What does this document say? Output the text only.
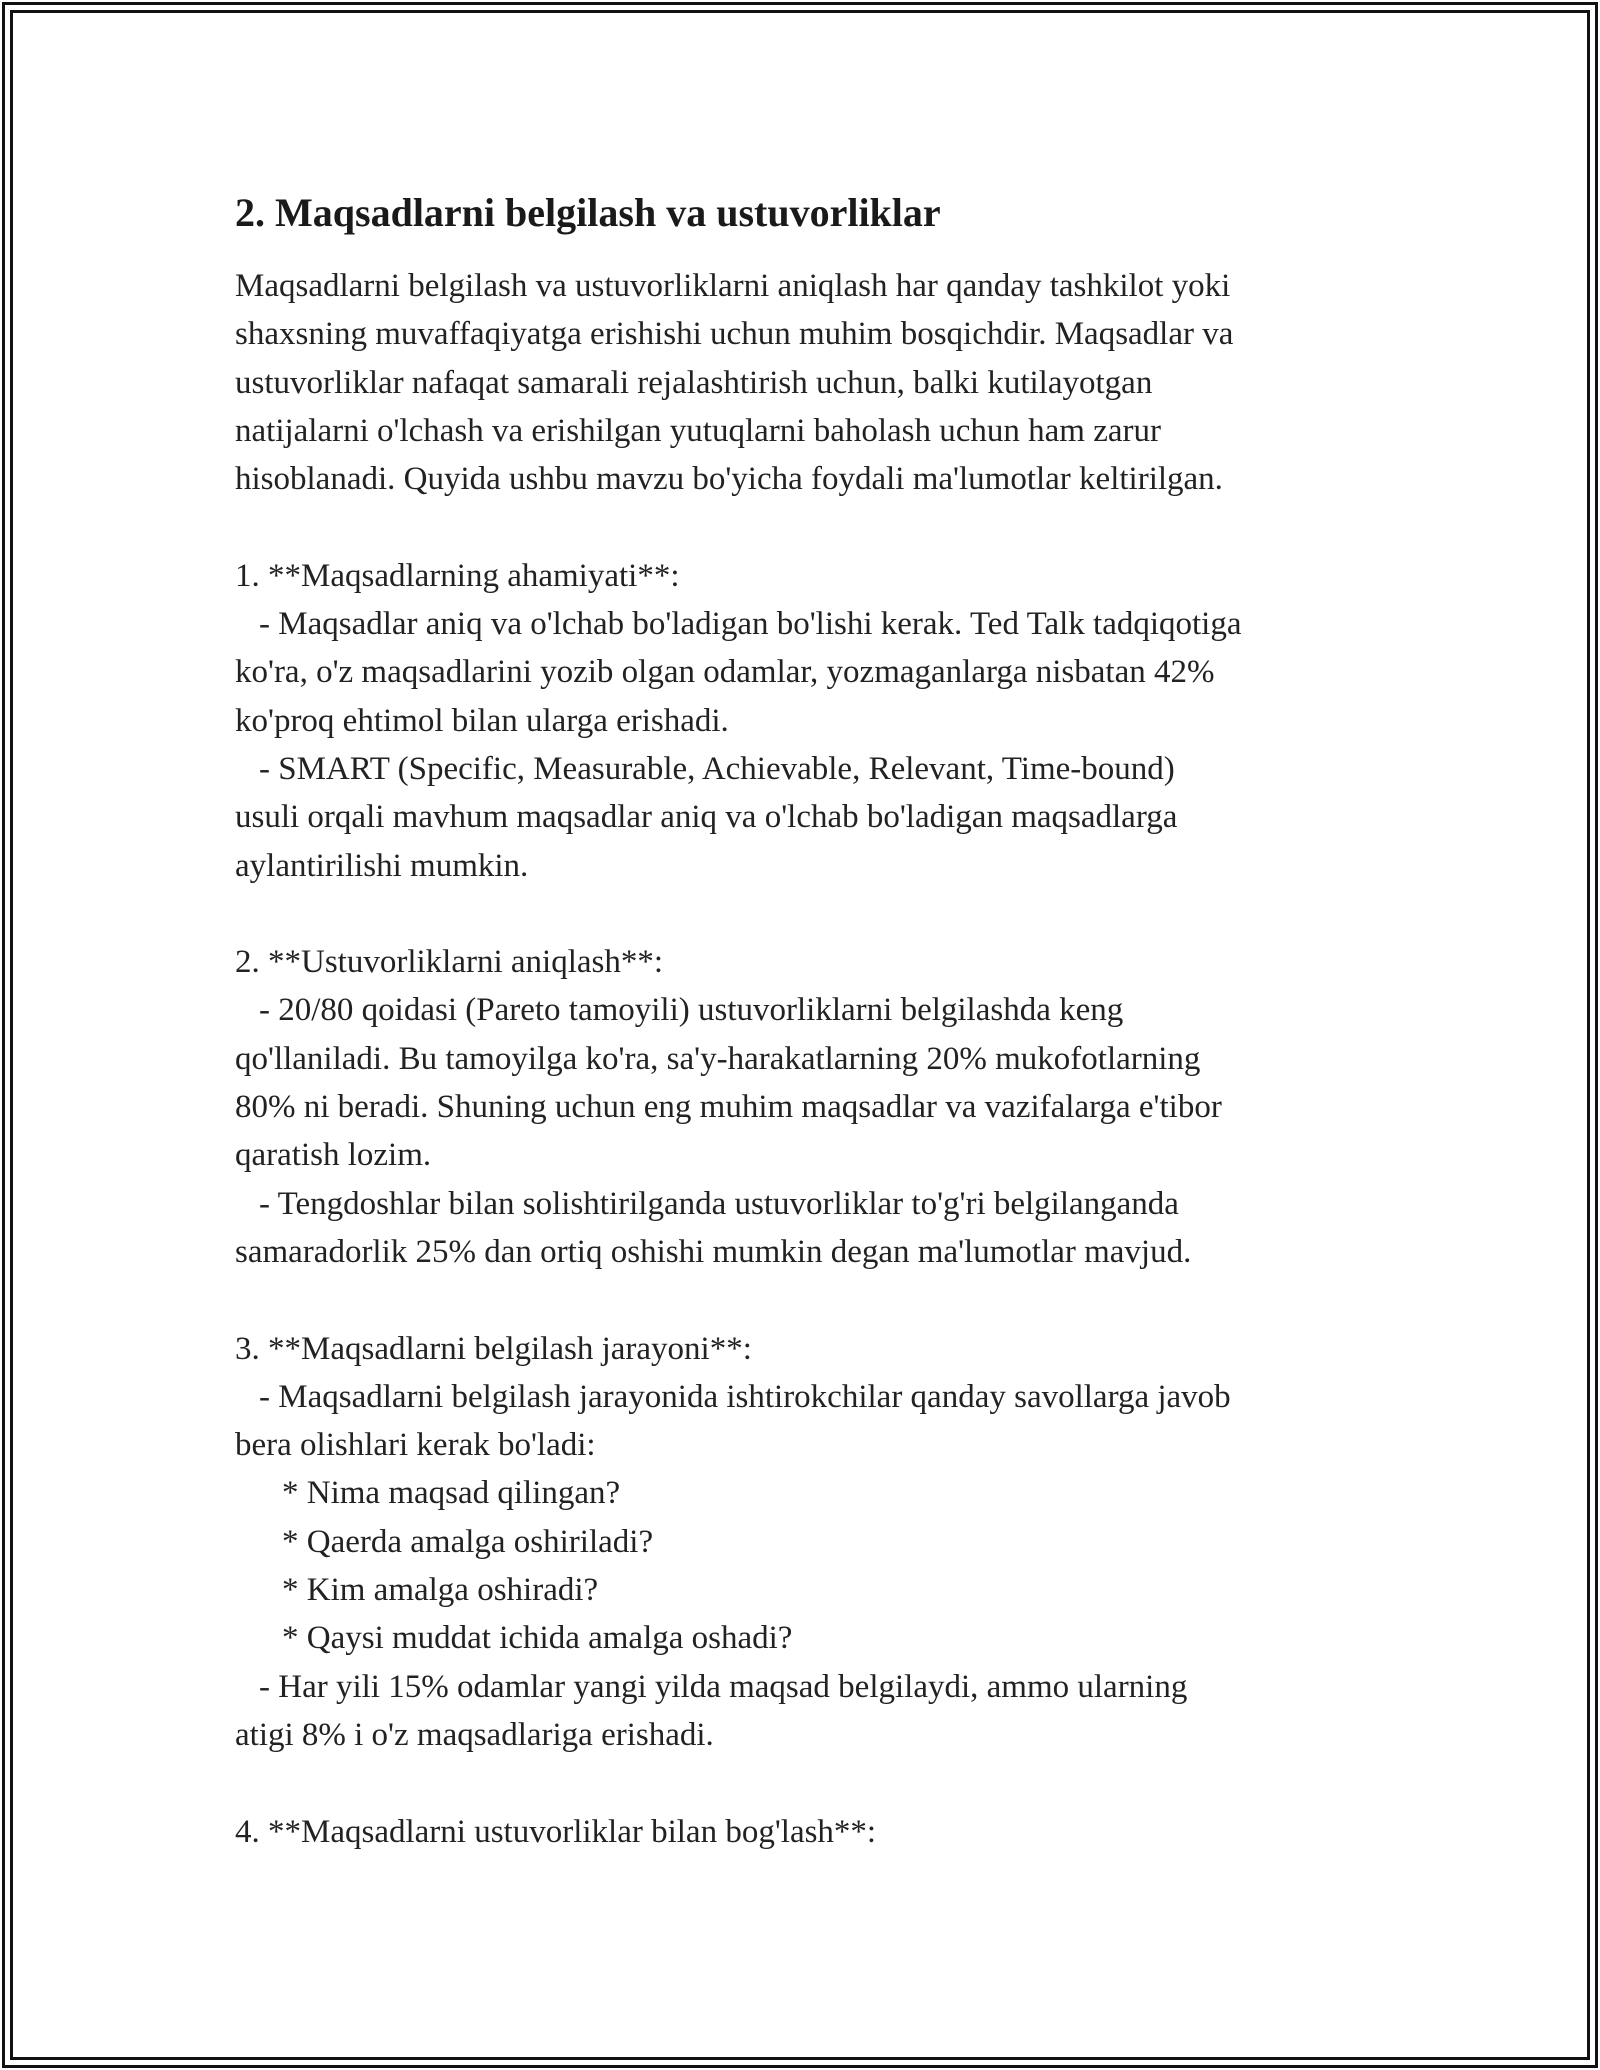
2. Maqsadlarni belgilash va ustuvorliklar
Maqsadlarni belgilash va ustuvorliklarni aniqlash har qanday tashkilot yoki
shaxsning muvaffaqiyatga erishishi uchun muhim bosqichdir. Maqsadlar va
ustuvorliklar nafaqat samarali rejalashtirish uchun, balki kutilayotgan
natijalarni o'lchash va erishilgan yutuqlarni baholash uchun ham zarur
hisoblanadi. Quyida ushbu mavzu bo'yicha foydali ma'lumotlar keltirilgan.
1. **Maqsadlarning ahamiyati**:
- Maqsadlar aniq va o'lchab bo'ladigan bo'lishi kerak. Ted Talk tadqiqotiga
ko'ra, o'z maqsadlarini yozib olgan odamlar, yozmaganlarga nisbatan 42%
ko'proq ehtimol bilan ularga erishadi.
- SMART (Specific, Measurable, Achievable, Relevant, Time-bound)
usuli orqali mavhum maqsadlar aniq va o'lchab bo'ladigan maqsadlarga
aylantirilishi mumkin.
2. **Ustuvorliklarni aniqlash**:
- 20/80 qoidasi (Pareto tamoyili) ustuvorliklarni belgilashda keng
qo'llaniladi. Bu tamoyilga ko'ra, sa'y-harakatlarning 20% mukofotlarning
80% ni beradi. Shuning uchun eng muhim maqsadlar va vazifalarga e'tibor
qaratish lozim.
- Tengdoshlar bilan solishtirilganda ustuvorliklar to'g'ri belgilanganda
samaradorlik 25% dan ortiq oshishi mumkin degan ma'lumotlar mavjud.
3. **Maqsadlarni belgilash jarayoni**:
- Maqsadlarni belgilash jarayonida ishtirokchilar qanday savollarga javob
bera olishlari kerak bo'ladi:
* Nima maqsad qilingan?
* Qaerda amalga oshiriladi?
* Kim amalga oshiradi?
* Qaysi muddat ichida amalga oshadi?
- Har yili 15% odamlar yangi yilda maqsad belgilaydi, ammo ularning
atigi 8% i o'z maqsadlariga erishadi.
4. **Maqsadlarni ustuvorliklar bilan bog'lash**:
